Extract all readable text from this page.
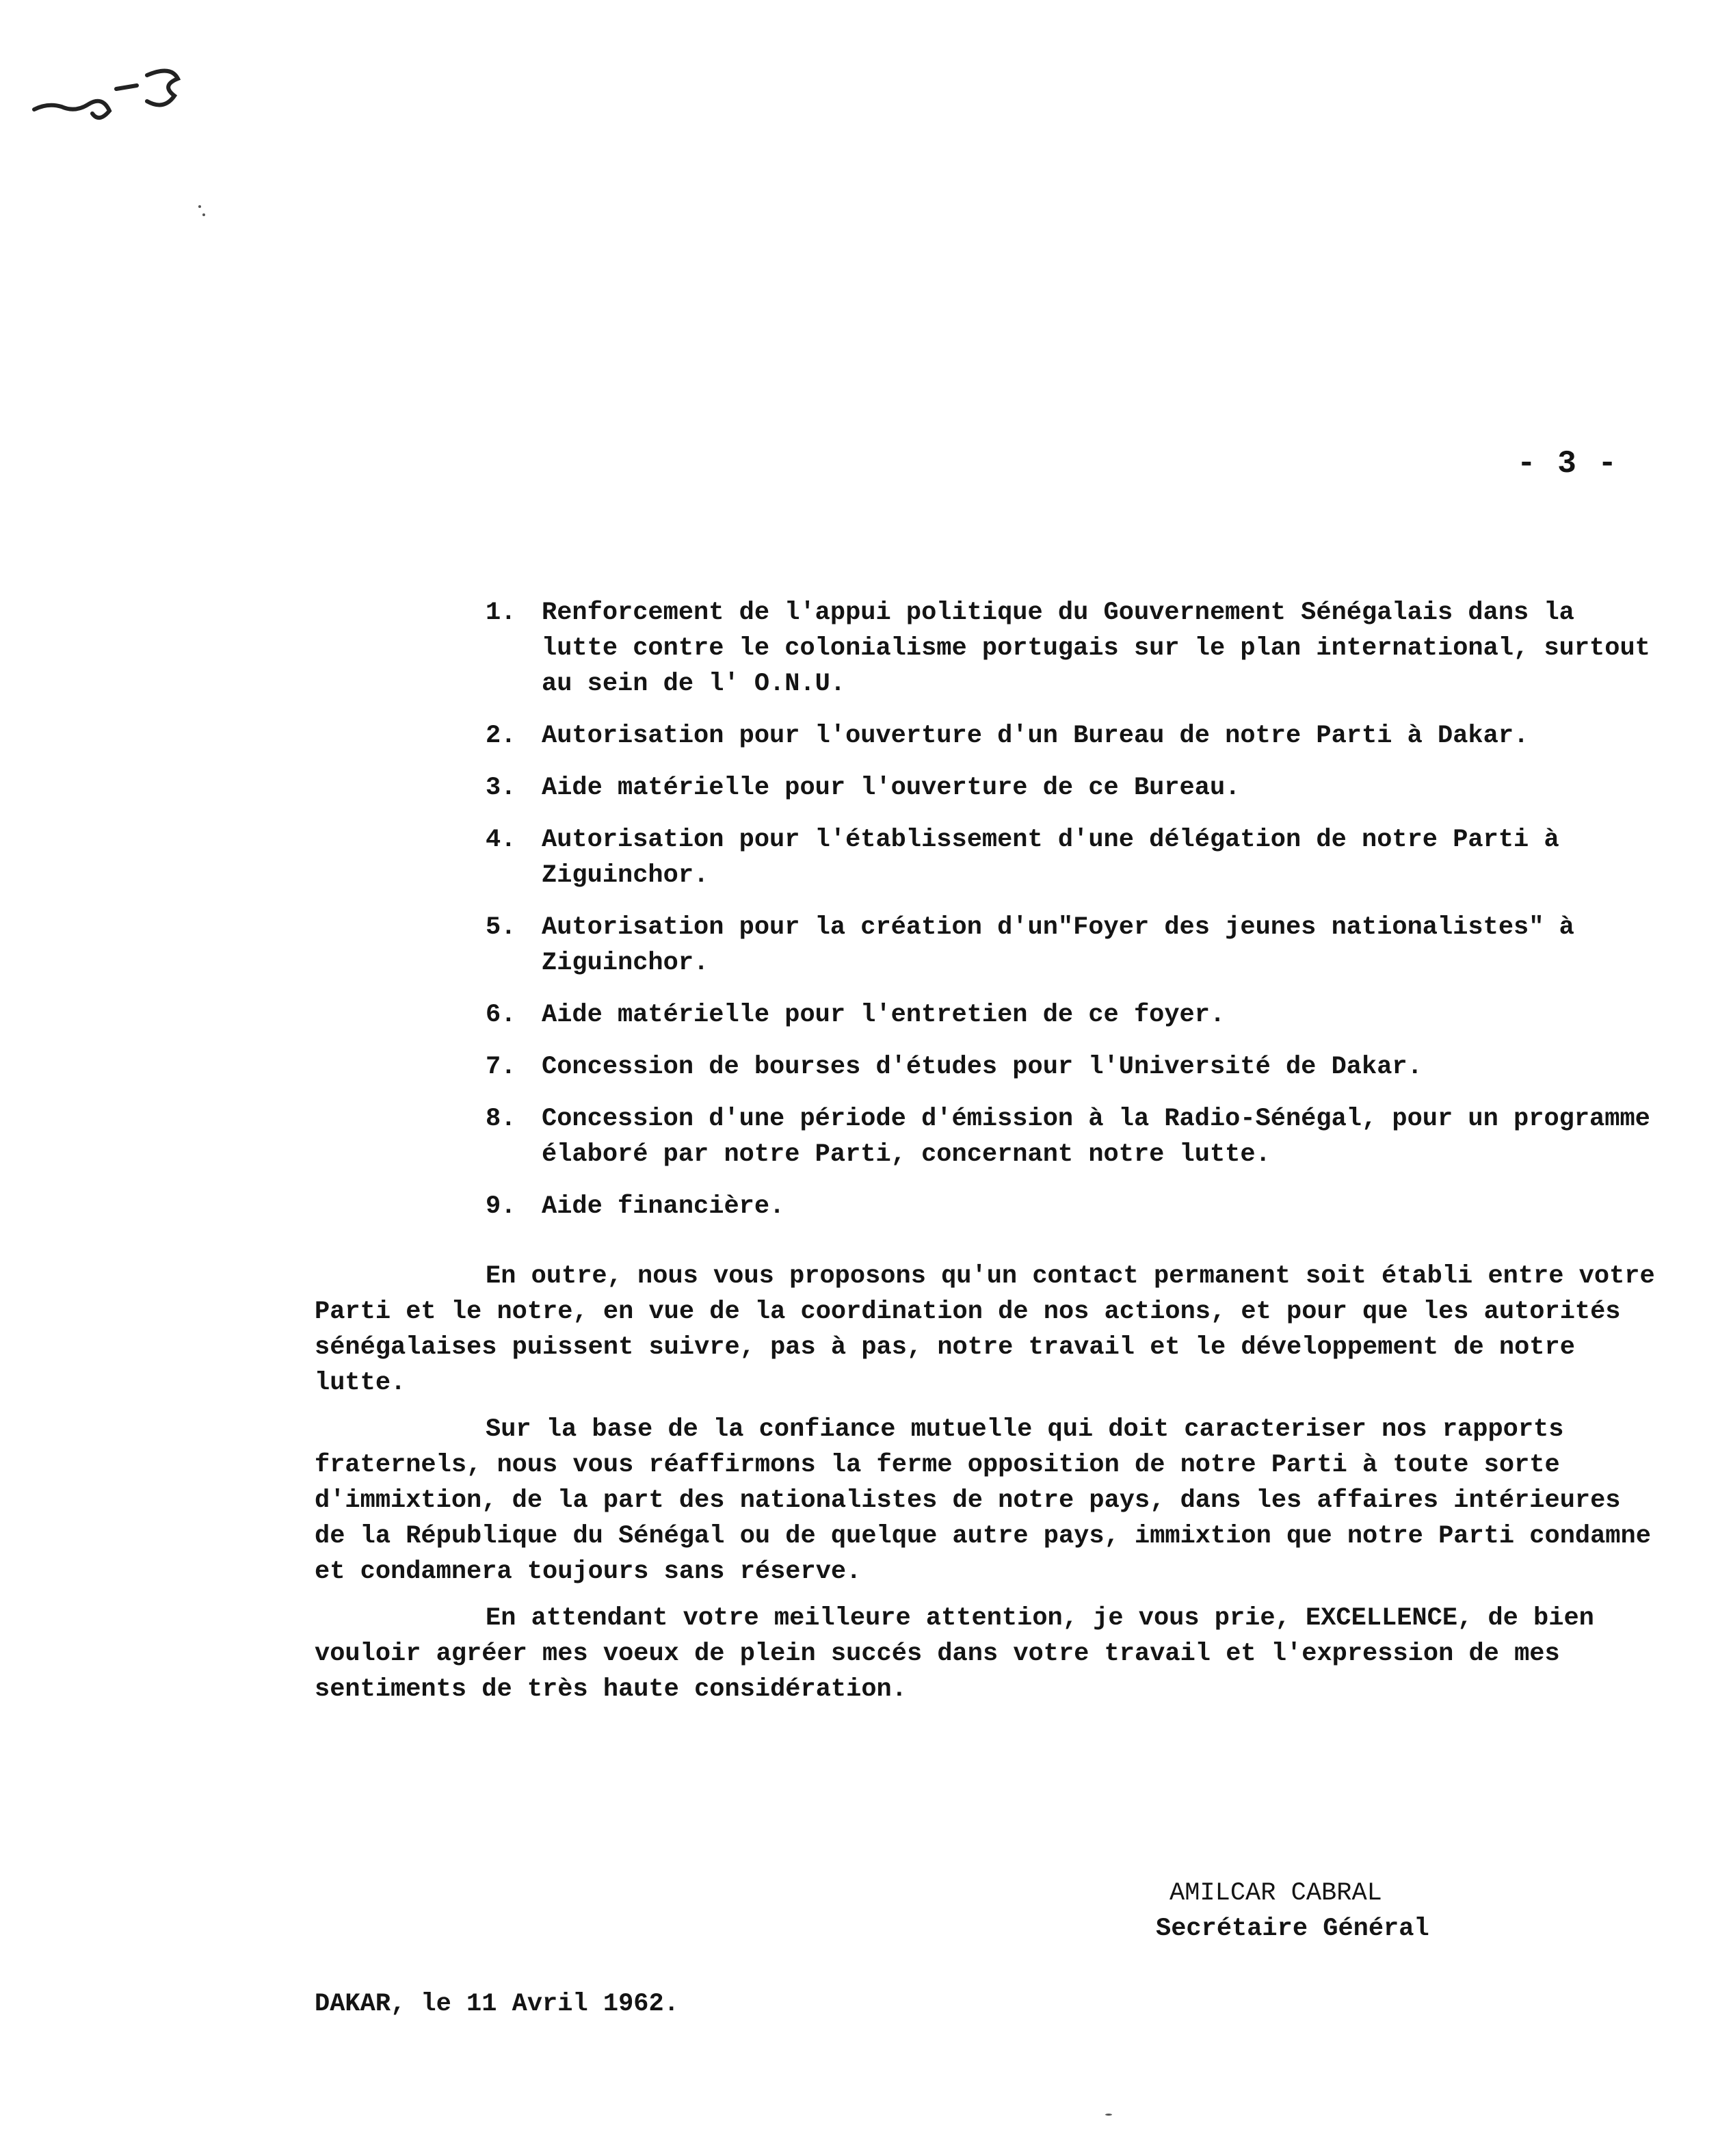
- 3 -
1.	Renforcement de l'appui politique du Gouvernement Sénégalais dans la lutte contre le colonialisme portugais sur le plan international, surtout au sein de l' O.N.U.
2.	Autorisation pour l'ouverture d'un Bureau de notre Parti à Dakar.
3.	Aide matérielle pour l'ouverture de ce Bureau.
4.	Autorisation pour l'établissement d'une délégation de notre Parti à Ziguinchor.
5.	Autorisation pour la création d'un"Foyer des jeunes nationalistes" à Ziguinchor.
6.	Aide matérielle pour l'entretien de ce foyer.
7.	Concession de bourses d'études pour l'Université de Dakar.
8.	Concession d'une période d'émission à la Radio-Sénégal, pour un programme élaboré par notre Parti, concernant notre lutte.
9.	Aide financière.

En outre, nous vous proposons qu'un contact permanent soit établi entre votre Parti et le notre, en vue de la coordination de nos actions, et pour que les autorités sénégalaises puissent suivre, pas à pas, notre travail et le développement de notre lutte.

Sur la base de la confiance mutuelle qui doit caracteriser nos rapports fraternels, nous vous réaffirmons la ferme opposition de notre Parti à toute sorte d'immixtion, de la part des nationalistes de notre pays, dans les affaires intérieures de la République du Sénégal ou de quelque autre pays, immixtion que notre Parti condamne et condamnera toujours sans réserve.

En attendant votre meilleure attention, je vous prie, EXCELLENCE, de bien vouloir agréer mes voeux de plein succés dans votre travail et l'expression de mes sentiments de très haute considération.

AMILCAR CABRAL
Secrétaire Général
DAKAR, le 11 Avril 1962.
